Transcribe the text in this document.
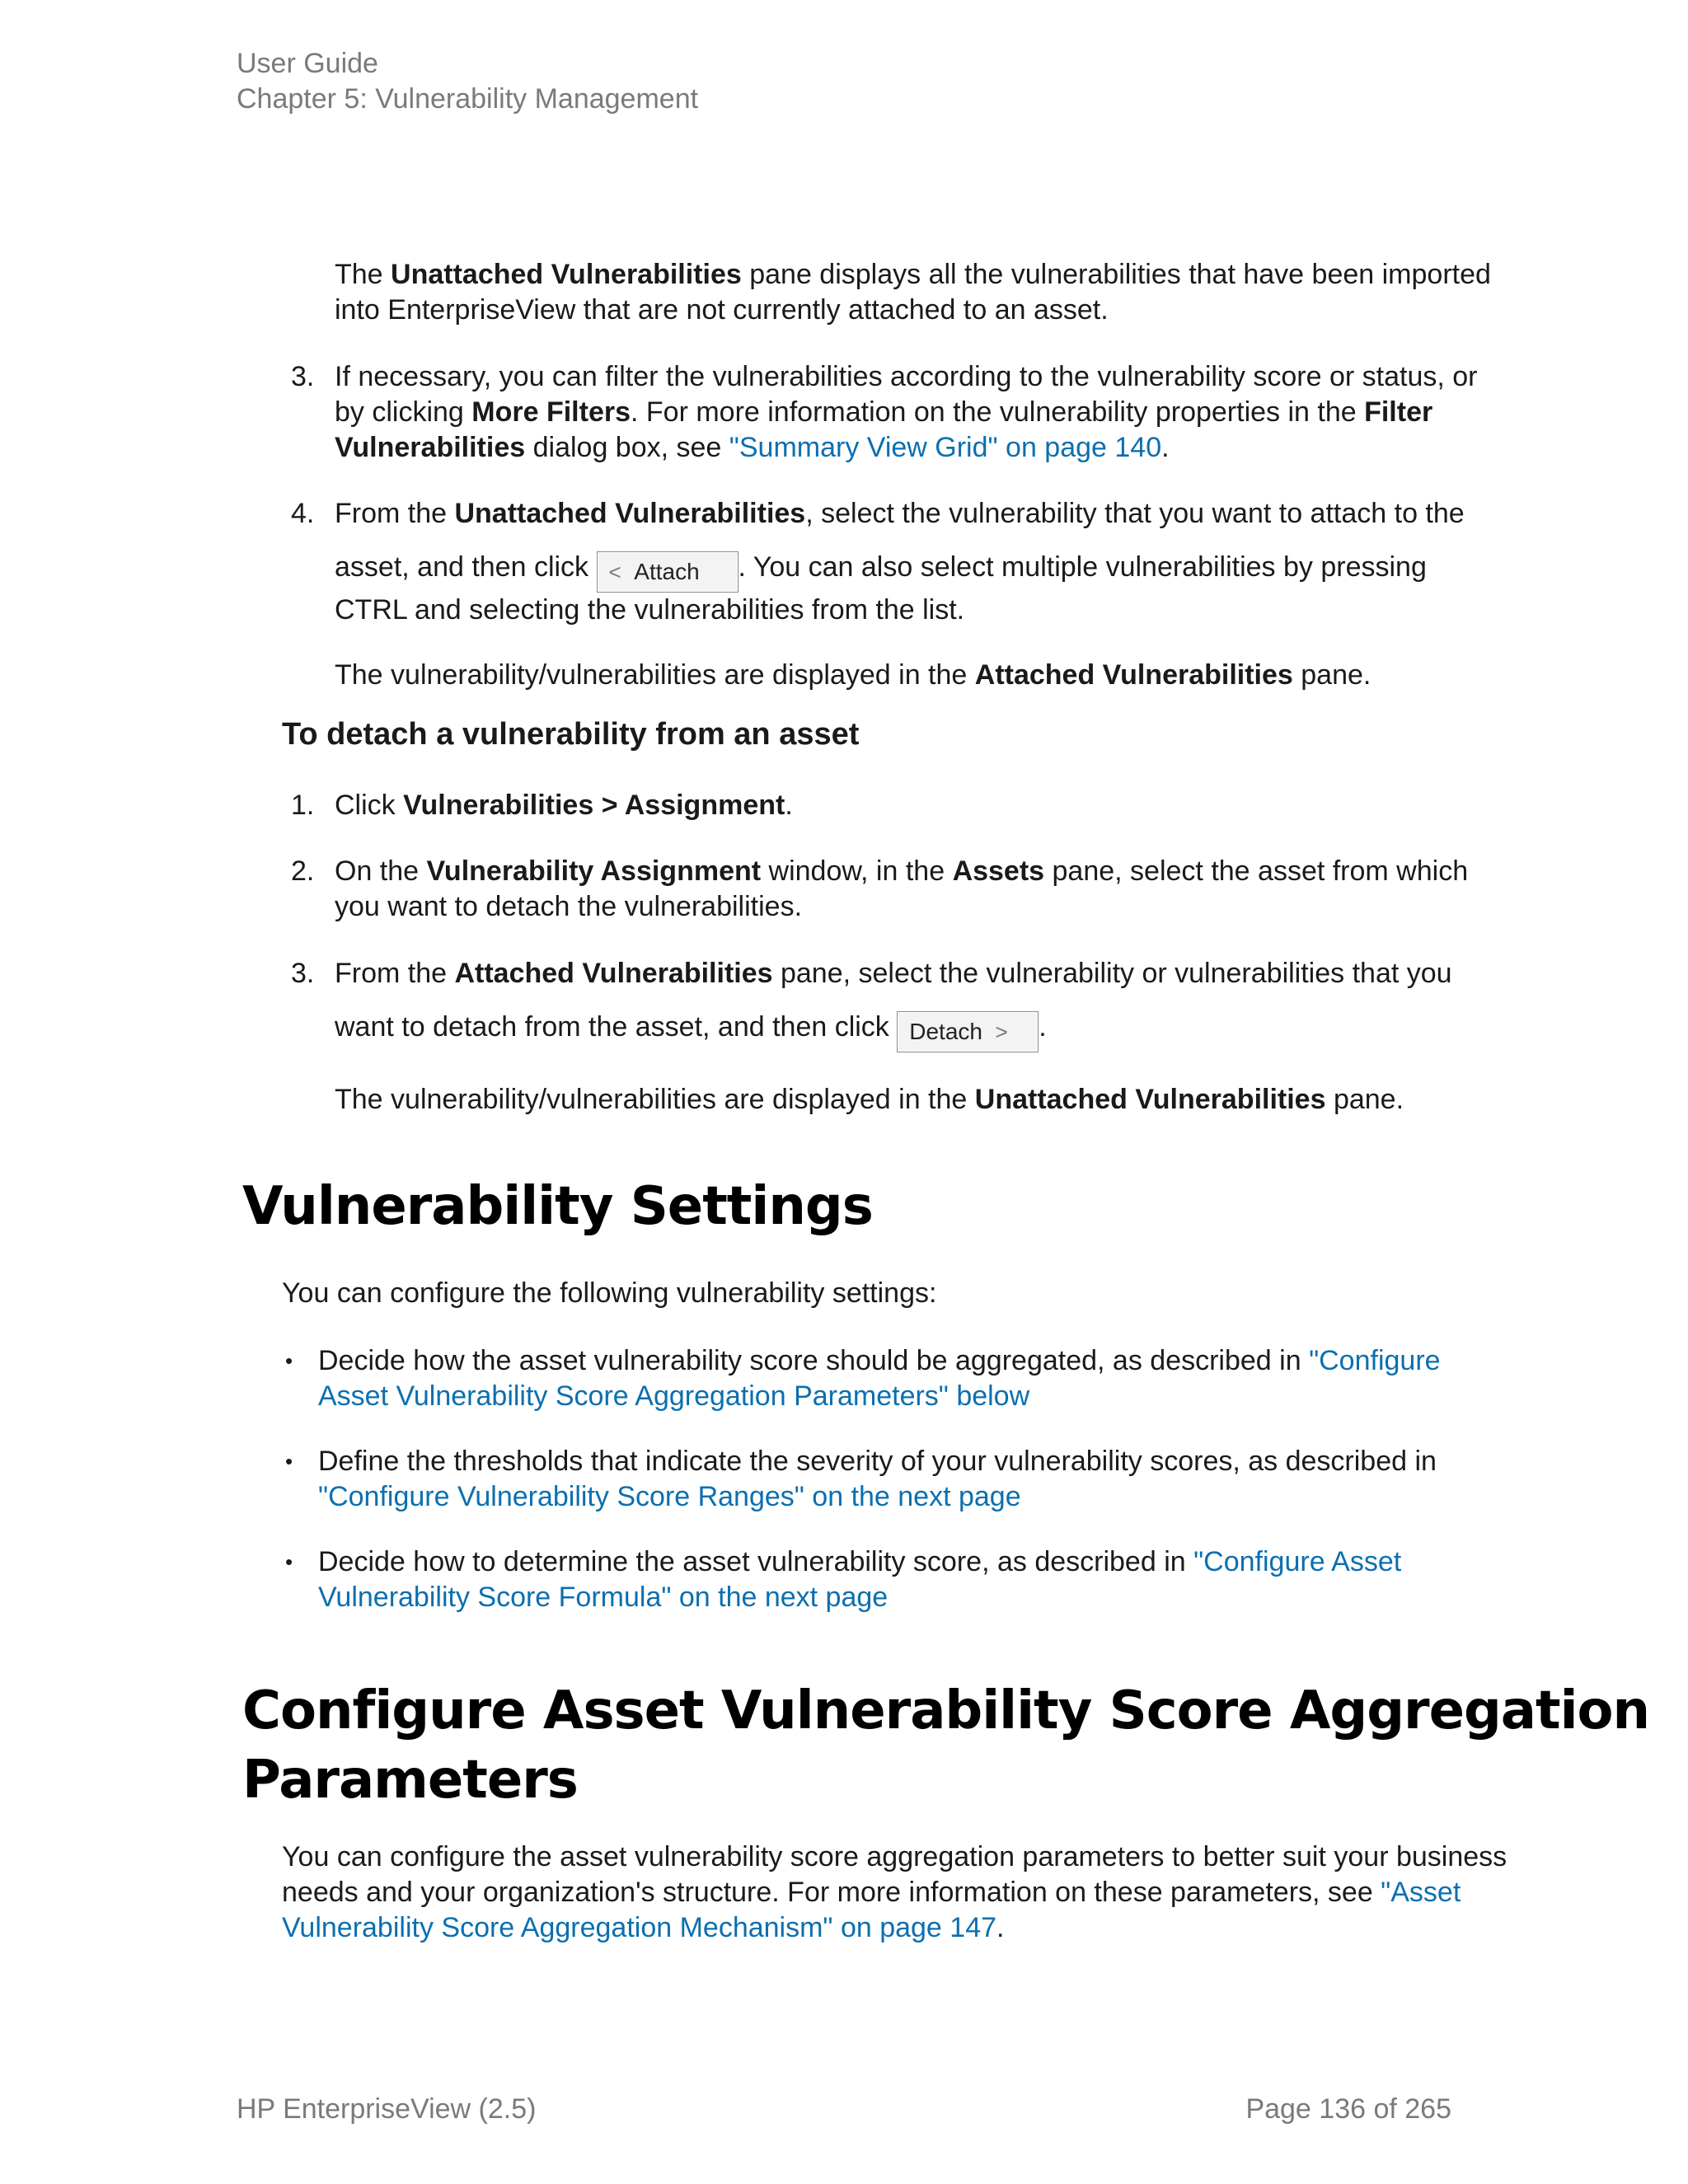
User Guide
Chapter 5: Vulnerability Management
The Unattached Vulnerabilities pane displays all the vulnerabilities that have been imported
into EnterpriseView that are not currently attached to an asset.
3. If necessary, you can filter the vulnerabilities according to the vulnerability score or status, or
by clicking More Filters. For more information on the vulnerability properties in the Filter
Vulnerabilities dialog box, see "Summary View Grid" on page 140.
4. From the Unattached Vulnerabilities, select the vulnerability that you want to attach to the
asset, and then click < Attach . You can also select multiple vulnerabilities by pressing
CTRL and selecting the vulnerabilities from the list.
The vulnerability/vulnerabilities are displayed in the Attached Vulnerabilities pane.
To detach a vulnerability from an asset
1. Click Vulnerabilities > Assignment.
2. On the Vulnerability Assignment window, in the Assets pane, select the asset from which
you want to detach the vulnerabilities.
3. From the Attached Vulnerabilities pane, select the vulnerability or vulnerabilities that you
want to detach from the asset, and then click Detach > .
The vulnerability/vulnerabilities are displayed in the Unattached Vulnerabilities pane.
Vulnerability Settings
You can configure the following vulnerability settings:
• Decide how the asset vulnerability score should be aggregated, as described in "Configure
Asset Vulnerability Score Aggregation Parameters" below
• Define the thresholds that indicate the severity of your vulnerability scores, as described in
"Configure Vulnerability Score Ranges" on the next page
• Decide how to determine the asset vulnerability score, as described in "Configure Asset
Vulnerability Score Formula" on the next page
Configure Asset Vulnerability Score Aggregation
Parameters
You can configure the asset vulnerability score aggregation parameters to better suit your business
needs and your organization's structure. For more information on these parameters, see "Asset
Vulnerability Score Aggregation Mechanism" on page 147.
HP EnterpriseView (2.5)	Page 136 of 265
